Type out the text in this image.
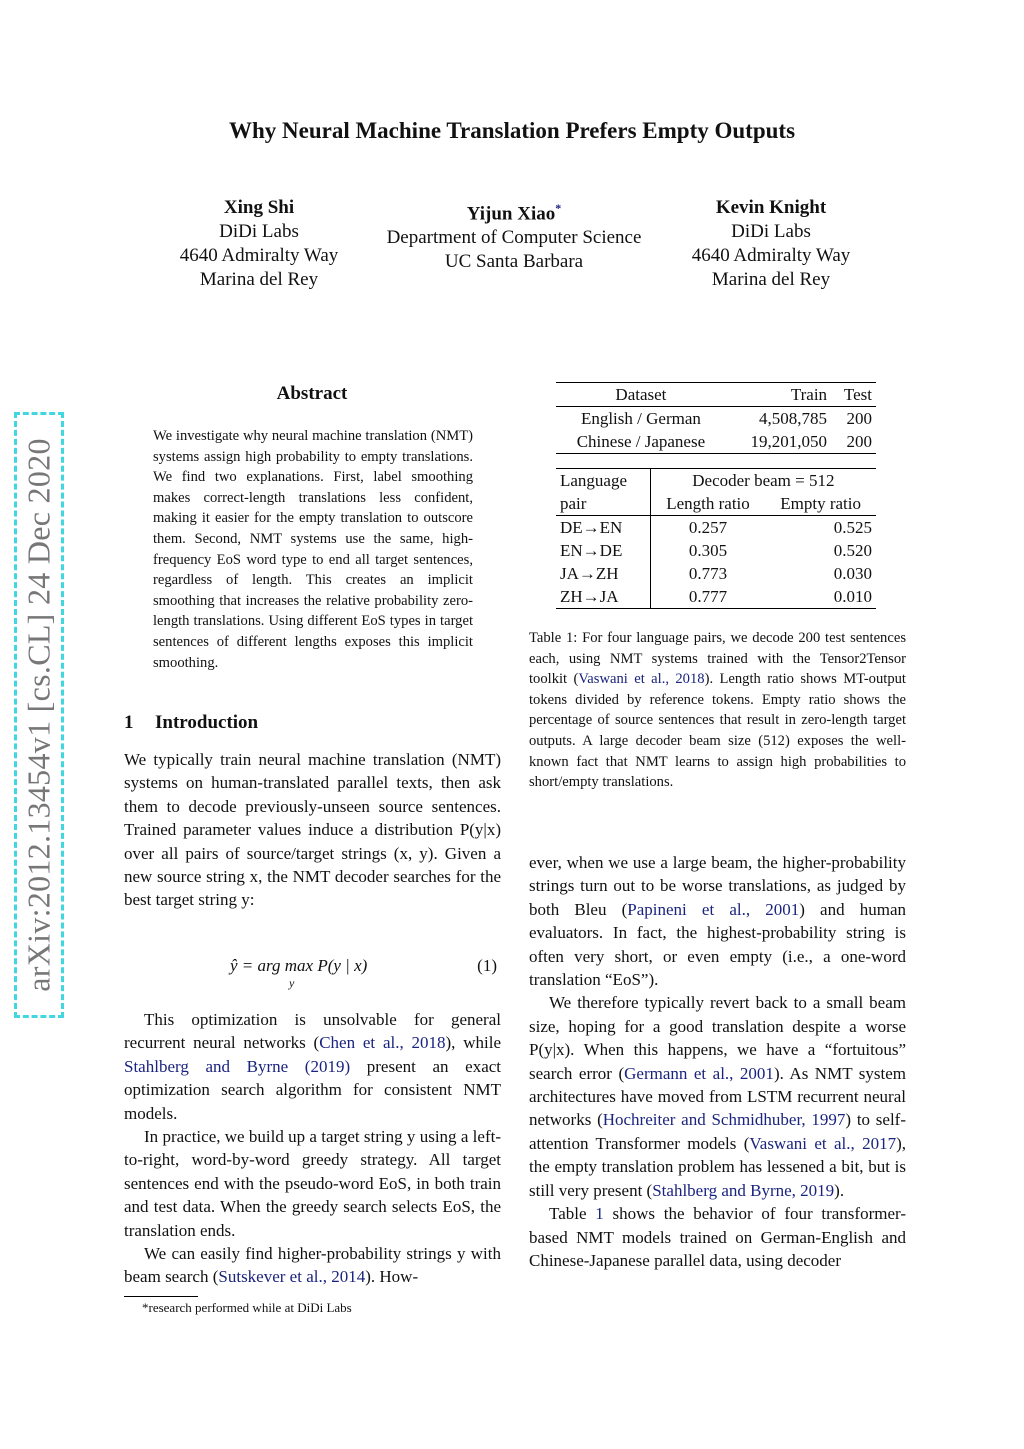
Why Neural Machine Translation Prefers Empty Outputs
Xing Shi
DiDi Labs
4640 Admiralty Way
Marina del Rey
Yijun Xiao*
Department of Computer Science
UC Santa Barbara
Kevin Knight
DiDi Labs
4640 Admiralty Way
Marina del Rey
arXiv:2012.13454v1 [cs.CL] 24 Dec 2020
Abstract
We investigate why neural machine translation (NMT) systems assign high probability to empty translations. We find two explanations. First, label smoothing makes correct-length translations less confident, making it easier for the empty translation to outscore them. Second, NMT systems use the same, high-frequency EoS word type to end all target sentences, regardless of length. This creates an implicit smoothing that increases the relative probability zero-length translations. Using different EoS types in target sentences of different lengths exposes this implicit smoothing.
1 Introduction

We typically train neural machine translation (NMT) systems on human-translated parallel texts, then ask them to decode previously-unseen source sentences. Trained parameter values induce a distribution P(y|x) over all pairs of source/target strings (x, y). Given a new source string x, the NMT decoder searches for the best target string y:

ŷ = arg max P(y | x)
y
(1)

This optimization is unsolvable for general recurrent neural networks (Chen et al., 2018), while Stahlberg and Byrne (2019) present an exact optimization search algorithm for consistent NMT models.

In practice, we build up a target string y using a left-to-right, word-by-word greedy strategy. All target sentences end with the pseudo-word EoS, in both train and test data. When the greedy search selects EoS, the translation ends.

We can easily find higher-probability strings y with beam search (Sutskever et al., 2014). How-

*research performed while at DiDi Labs
Dataset	Train	Test
English / German	4,508,785	200
Chinese / Japanese	19,201,050	200
Language	Decoder beam = 512	
pair	Length ratio	Empty ratio
DE→EN	0.257	0.525
EN→DE	0.305	0.520
JA→ZH	0.773	0.030
ZH→JA	0.777	0.010
Table 1: For four language pairs, we decode 200 test sentences each, using NMT systems trained with the Tensor2Tensor toolkit (Vaswani et al., 2018). Length ratio shows MT-output tokens divided by reference tokens. Empty ratio shows the percentage of source sentences that result in zero-length target outputs. A large decoder beam size (512) exposes the well-known fact that NMT learns to assign high probabilities to short/empty translations.

ever, when we use a large beam, the higher-probability strings turn out to be worse translations, as judged by both Bleu (Papineni et al., 2001) and human evaluators. In fact, the highest-probability string is often very short, or even empty (i.e., a one-word translation “EoS”).

We therefore typically revert back to a small beam size, hoping for a good translation despite a worse P(y|x). When this happens, we have a “fortuitous” search error (Germann et al., 2001). As NMT system architectures have moved from LSTM recurrent neural networks (Hochreiter and Schmidhuber, 1997) to self-attention Transformer models (Vaswani et al., 2017), the empty translation problem has lessened a bit, but is still very present (Stahlberg and Byrne, 2019).

Table 1 shows the behavior of four transformer-based NMT models trained on German-English and Chinese-Japanese parallel data, using decoder
